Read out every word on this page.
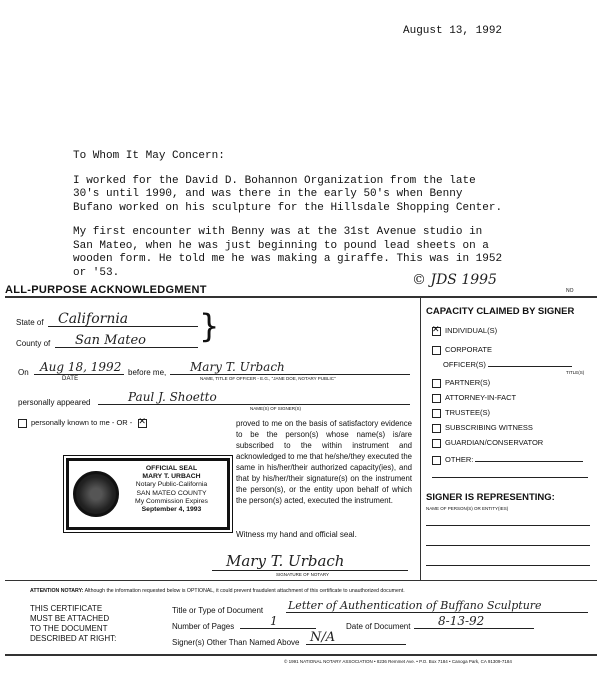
August 13, 1992

To Whom It May Concern:

I worked for the David D. Bohannon Organization from the late 30's until 1990, and was there in the early 50's when Benny Bufano worked on his sculpture for the Hillsdale Shopping Center.

My first encounter with Benny was at the 31st Avenue studio in San Mateo, when he was just beginning to pound lead sheets on a wooden form. He told me he was making a giraffe. This was in 1952 or '53.	© JDS 1995
ALL-PURPOSE ACKNOWLEDGMENT	NO
State of	California
County of	San Mateo	}
On Aug 18, 1992
DATE
before me,	Mary T. Urbach
NAME, TITLE OF OFFICER - E.G., "JANE DOE, NOTARY PUBLIC"
personally appeared	Paul J. Shoetto
NAME(S) OF SIGNER(S)
personally known to me - OR - ✕	proved to me on the basis of satisfactory evidence to be the person(s) whose name(s) is/are subscribed to the within instrument and acknowledged to me that he/she/they executed the same in his/her/their authorized capacity(ies), and that by his/her/their signature(s) on the instrument the person(s), or the entity upon behalf of which the person(s) acted, executed the instrument.
OFFICIAL SEAL
MARY T. URBACH
Notary Public-California
SAN MATEO COUNTY
My Commission Expires
September 4, 1993
Witness my hand and official seal.
Mary T. Urbach
SIGNATURE OF NOTARY
CAPACITY CLAIMED BY SIGNER
✕INDIVIDUAL(S)
CORPORATE
OFFICER(S)
TITLE(S)
PARTNER(S)
ATTORNEY-IN-FACT
TRUSTEE(S)
SUBSCRIBING WITNESS
GUARDIAN/CONSERVATOR
OTHER:
SIGNER IS REPRESENTING:
NAME OF PERSON(S) OR ENTITY(IES)
ATTENTION NOTARY: Although the information requested below is OPTIONAL, it could prevent fraudulent attachment of this certificate to unauthorized document.
THIS CERTIFICATE
MUST BE ATTACHED
TO THE DOCUMENT
DESCRIBED AT RIGHT:
Title or Type of Document Letter of Authentication of Buffano Sculpture
Number of Pages	1	Date of Document	8-13-92
Signer(s) Other Than Named Above N/A
© 1991 NATIONAL NOTARY ASSOCIATION • 8236 Remmet Ave. • P.O. Box 7184 • Canoga Park, CA 91309-7184
